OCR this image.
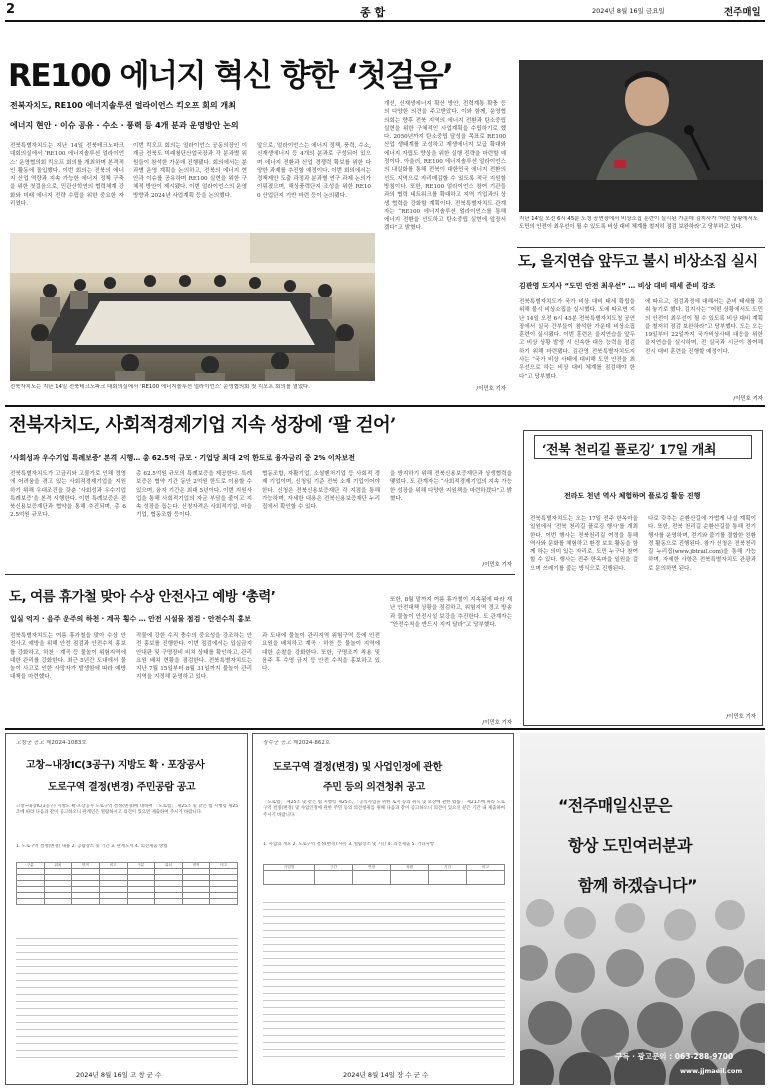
2	종 합	2024년 8월 16일 금요일	전주매일
RE100 에너지 혁신 향한 ‘첫걸음’
전북자치도, RE100 에너지솔루션 얼라이언스 킥오프 회의 개최
에너지 현안 · 이슈 공유 · 수소 · 풍력 등 4개 분과 운영방안 논의
전북특별자치도는 지난 14일 전북테크노파크 대회의실에서 ‘RE100 에너지솔루션 얼라이언스’ 운영협의회 킥오프 회의를 개최하며 본격적인 활동에 돌입했다. 이번 회의는 전북의 에너지 산업 역량과 지속 가능한 에너지 정책 구축을 위한 첫걸음으로, 민관산학연의 협력체계 강화와 미래 에너지 전략 수립을 위한 중요한 자리였다.
이번 킥오프 회의는 얼라이언스 공동의장인 이재금 전북도 미래첨단산업국장과 각 분과별 위원들이 참석한 가운데 진행됐다. 회의에서는 분과별 운영 계획을 논의하고, 전북의 에너지 현안과 이슈를 공유하며 RE100 실현을 위한 구체적 방안이 제시됐다. 이번 얼라이언스의 운영 방향과 2024년 사업계획 등을 논의했다.
앞으로, 얼라이언스는 에너지 정책, 풍력, 수소, 신재생에너지 등 4개의 분과로 구성되어 있으며 에너지 전환과 산업 경쟁력 확보를 위한 다양한 과제를 추진할 예정이다. 이번 회의에서는 정책제안 도출 과정과 분과별 연구 과제 논의가 이뤄졌으며, 해상풍력단지 조성을 위한 RE100 산업단지 기반 마련 등이 논의됐다.
개선, 신재생에너지 확산 방안, 전력계통 확충 등의 다양한 의견을 주고받았다. 이와 함께, 운영협의회는 향후 전북 지역의 에너지 전환과 탄소중립 실현을 위한 구체적인 사업계획을 수립하기로 했다. 2050년까지 탄소중립 달성을 목표로 RE100 산업 생태계를 조성하고 재생에너지 보급 확대와 에너지 자립도 향상을 위한 실행 전략을 마련할 예정이다. 아울러, RE100 에너지솔루션 얼라이언스의 내실화를 통해 전북이 대한민국 에너지 전환의 선도 지역으로 자리매김할 수 있도록 적극 지원할 방침이다. 또한, RE100 얼라이언스 참여 기관들과의 협력 네트워크를 확대하고 지역 기업과의 상생 협력을 강화할 계획이다. 전북특별자치도 관계자는 “RE100 에너지솔루션 얼라이언스를 통해 에너지 전환을 선도하고 탄소중립 실현에 앞장서겠다”고 밝혔다.
/이민호 기자
전북자치도는 지난 14일 전북테크노파크 대회의실에서 ‘RE100 에너지솔루션 얼라이언스’ 운영협의회 첫 킥오프 회의를 열었다.
지난 14일 오전 6시 45분 도청 공연장에서 비상소집 훈련이 실시된 가운데 김지사가 ‘어떤 상황에서도 도민의 안전이 최우선이 될 수 있도록 비상 대비 체계를 철저히 점검 보완하라’고 당부하고 있다.
도, 을지연습 앞두고 불시 비상소집 실시
김관영 도지사 “도민 안전 최우선” … 비상 대비 태세 준비 강조
전북특별자치도가 국가 비상 대비 태세 확립을 위해 불시 비상소집을 실시했다. 도에 따르면 지난 14일 오전 6시 45분 전북특별자치도청 공연장에서 실국 간부들이 참석한 가운데 비상소집 훈련이 실시됐다. 이번 훈련은 을지연습을 앞두고 비상 상황 발생 시 신속한 대응 능력을 점검하기 위해 마련됐다. 김관영 전북특별자치도지사는 “국가 비상 사태에 대비해 도민 안전을 최우선으로 하는 비상 대비 체계를 점검해야 한다”고 당부했다.
에 따르고, 점검과정에 대해서는 준비 태세를 갖춰 놓기로 했다. 김지사는 “어떤 상황에서도 도민의 안전이 최우선이 될 수 있도록 비상 대비 계획을 철저히 점검 보완하라”고 당부했다. 도는 오는 19일부터 22일까지 국가비상사태 대응을 위한 을지연습을 실시하며, 전 실국과 시군이 참여해 전시 대비 훈련을 진행할 예정이다.
/이민호 기자
전북자치도, 사회적경제기업 지속 성장에 ‘팔 걷어’
‘사회성과 우수기업 특례보증’ 본격 시행… 총 62.5억 규모 · 기업당 최대 2억 한도로 융자금리 중 2% 이차보전
전북특별자치도가 고금리와 고물가로 인해 경영에 어려움을 겪고 있는 사회적경제기업을 지원하기 위해 우대조건을 갖춘 ‘사회성과 우수기업 특례보증’을 본격 시행한다. 이번 특례보증은 전북신용보증재단과 협약을 통해 추진되며, 총 62.5억원 규모다.
총 62.5억원 규모의 특례보증을 제공한다. 특례보증은 협약 기간 동안 2억원 한도로 이용할 수 있으며, 융자 기간은 최대 5년이다. 이번 지원사업을 통해 사회적기업의 자금 부담을 줄이고 지속 성장을 돕는다. 신청자격은 사회적기업, 마을기업, 협동조합 등이다.
협동조합, 자활기업, 소셜벤처기업 등 사회적 경제 기업이며, 신청일 기준 전북 소재 기업이어야 한다. 신청은 전북신용보증재단 각 지점을 통해 가능하며, 자세한 내용은 전북신용보증재단 누리집에서 확인할 수 있다.
을 방지하기 위해 전북신용보증재단과 상생협력을 맺었다. 도 관계자는 “사회적경제기업의 지속 가능한 성장을 위해 다양한 지원책을 마련하겠다”고 밝혔다.
/이민호 기자
도, 여름 휴가철 맞아 수상 안전사고 예방 ‘총력’
입실 억지 · 음주 운주의 하천 · 계곡 횡수 … 안전 시설물 점검 · 안전수칙 홍보
전북특별자치도는 여름 휴가철을 맞아 수상 안전사고 예방을 위해 안전 점검과 안전수칙 홍보를 강화하고, 하천 · 계곡 등 물놀이 위험지역에 대한 관리를 강화한다. 최근 5년간 도내에서 물놀이 사고로 인한 사망자가 발생함에 따라 예방 대책을 마련했다.
작물에 강한 수직 충수의 중요성을 강조하는 안전 홍보를 진행한다. 이번 점검에서는 입실금지 안내판 및 구명장비 비치 상태를 확인하고, 관리요원 배치 현황을 점검한다. 전북특별자치도는 지난 7월 15일부터 8월 31일까지 물놀이 관리지역을 지정해 운영하고 있다.
과 도내에 물놀이 관리지역 위험구역 등에 안전요원을 배치하고 계곡 · 하천 등 물놀이 지역에 대한 순찰을 강화한다. 또한, 구명조끼 착용 및 음주 후 수영 금지 등 안전 수칙을 홍보하고 있다.
또한, 8월 말까지 여름 휴가철이 지속됨에 따라 재난 안전대책 상황을 점검하고, 위험지역 경고 방송과 물놀이 안전시설 보강을 추진한다. 도 관계자는 “안전수칙을 반드시 지켜 달라”고 당부했다.
/이민호 기자
‘전북 천리길 플로깅’ 17일 개최
전라도 천년 역사 체험하며 플로깅 활동 진행
전북특별자치도는 오는 17일 전주 한옥마을 일원에서 ‘전북 천리길 플로깅 행사’를 개최한다. 이번 행사는 전북천리길 여정을 통해 역사와 문화를 체험하고 환경 보호 활동을 함께 하는 의미 있는 자리로, 도민 누구나 참여할 수 있다. 행사는 전주 한옥마을 일원을 걸으며 쓰레기를 줍는 방식으로 진행된다.
다로 갖추는 순환산길에 가볍게 나설 계획이다. 또한, 전북 천리길 순환산길을 통해 전기 행사를 운영하며, 걷기와 줍기를 결합한 친환경 활동으로 진행된다. 참가 신청은 전북천리길 누리집(www.jbtrail.com)을 통해 가능하며, 자세한 사항은 전북특별자치도 관광과로 문의하면 된다.
/이민호 기자
고창군 공고 제2024-1083호
고창~내장IC(3공구) 지방도 확 · 포장공사
도로구역 결정(변경) 주민공람 공고
고창~내장IC(3공구) 지방도 확·포장공사 도로구역 결정(변경)에 대하여 「도로법」 제25조 및 같은 법 시행령 제25조에 따라 다음과 같이 공고하오니 관계인은 열람하시고 의견이 있으면 제출하여 주시기 바랍니다.
1. 도로구역 결정(변경) 내용 2. 공람장소 및 기간 3. 관계도서 4. 의견제출 방법
구분	위치	면적	비고	구분	위치	면적	비고

2024년 8월 16일 고 창 군 수
장수군 공고 제2024-862호
도로구역 결정(변경) 및 사업인정에 관한
주민 등의 의견청취 공고
「도로법」 제25조 및 같은 법 시행령 제25조, 「공익사업을 위한 토지 등의 취득 및 보상에 관한 법률」 제21조에 따라 도로구역 결정(변경) 및 사업인정에 관한 주민 등의 의견청취를 위해 다음과 같이 공고하오니 의견이 있으신 분은 기간 내 제출하여 주시기 바랍니다.
1. 사업의 개요 2. 도로구역 결정(변경) 사유 3. 열람장소 및 기간 4. 의견제출 5. 기타사항
사업명	구간	연장	폭원	기간	비고

2024년 8월 14일 장 수 군 수
“전주매일신문은
항상 도민여러분과
함께 하겠습니다”
구독 · 광고문의 : 063-288-9700
www.jjmaeil.com
